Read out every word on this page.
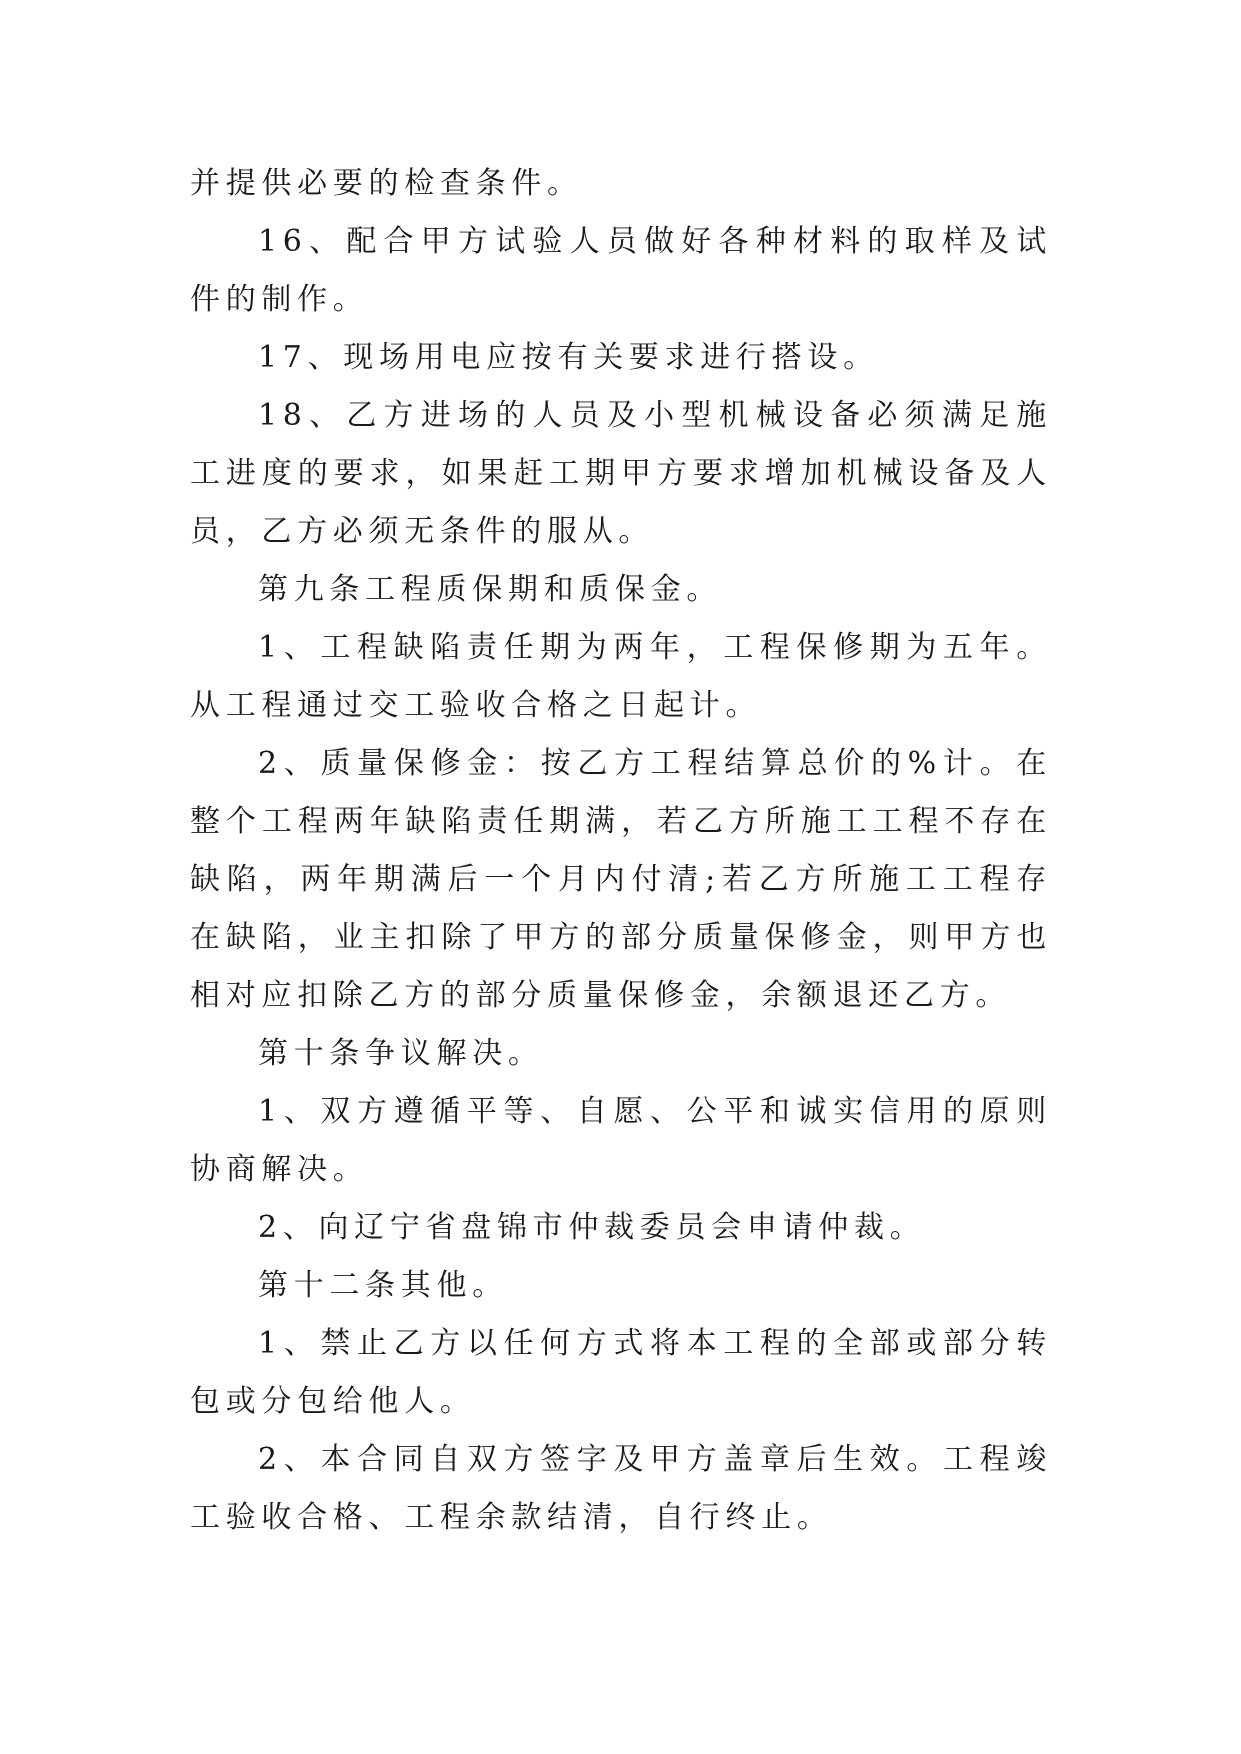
并提供必要的检查条件。

16、配合甲方试验人员做好各种材料的取样及试件的制作。

17、现场用电应按有关要求进行搭设。

18、乙方进场的人员及小型机械设备必须满足施工进度的要求，如果赶工期甲方要求增加机械设备及人员，乙方必须无条件的服从。

第九条工程质保期和质保金。

1、工程缺陷责任期为两年，工程保修期为五年。从工程通过交工验收合格之日起计。

2、质量保修金：按乙方工程结算总价的%计。在整个工程两年缺陷责任期满，若乙方所施工工程不存在缺陷，两年期满后一个月内付清;若乙方所施工工程存在缺陷，业主扣除了甲方的部分质量保修金，则甲方也相对应扣除乙方的部分质量保修金，余额退还乙方。

第十条争议解决。

1、双方遵循平等、自愿、公平和诚实信用的原则协商解决。

2、向辽宁省盘锦市仲裁委员会申请仲裁。

第十二条其他。

1、禁止乙方以任何方式将本工程的全部或部分转包或分包给他人。

2、本合同自双方签字及甲方盖章后生效。工程竣工验收合格、工程余款结清，自行终止。
